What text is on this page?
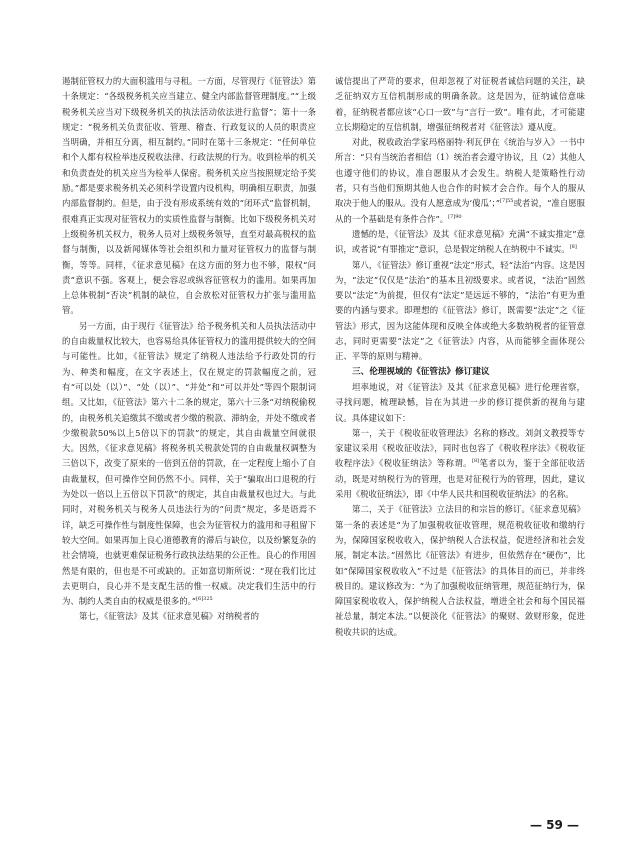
遏制征管权力的大面积滥用与寻租。一方面，尽管现行《征管法》第十条规定：“各级税务机关应当建立、健全内部监督管理制度。”“上级税务机关应当对下级税务机关的执法活动依法进行监督”；第十一条规定：“税务机关负责征收、管理、稽查、行政复议的人员的职责应当明确，并相互分离，相互制约。”同时在第十三条规定：“任何单位和个人都有权检举违反税收法律、行政法规的行为。收到检举的机关和负责查处的机关应当为检举人保密。税务机关应当按照规定给予奖励。”都是要求税务机关必须科学设置内设机构，明确相互职责，加强内部监督制约。但是，由于没有形成系统有效的“闭环式”监督机制，很难真正实现对征管权力的实质性监督与制衡。比如下级税务机关对上级税务机关权力，税务人员对上级税务领导，直至对最高税权的监督与制衡，以及新闻媒体等社会组织和力量对征管权力的监督与制衡，等等。同样，《征求意见稿》在这方面的努力也不够，限权“问责”意识不强。客观上，便会容忍或纵容征管权力的滥用。如果再加上总体税制“否决”机制的缺位，自会放松对征管权力扩张与滥用监管。

另一方面，由于现行《征管法》给予税务机关和人员执法活动中的自由裁量权比较大，也容易给具体征管权力的滥用提供较大的空间与可能性。比如，《征管法》规定了纳税人违法给予行政处罚的行为、种类和幅度，在文字表述上，仅在规定的罚款幅度之前，冠有“可以处（以）”、“处（以）”、“并处”和“可以并处”等四个限制词组。又比如，《征管法》第六十二条的规定，第六十三条“对纳税偷税的，由税务机关追缴其不缴或者少缴的税款、滞纳金，并处不缴或者少缴税款50%以上5倍以下的罚款”的规定，其自由裁量空间就很大。因然，《征求意见稿》将税务机关税款处罚的自由裁量权调整为三倍以下，改变了原来的一倍到五倍的罚款，在一定程度上缩小了自由裁量权，但可操作空间仍然不小。同样，关于“骗取出口退税的行为处以一倍以上五倍以下罚款”的规定，其自由裁量权也过大。与此同时，对税务机关与税务人员违法行为的“问责”规定，多是语焉不详，缺乏可操作性与制度性保障，也会为征管权力的滥用和寻租留下较大空间。如果再加上良心道德教育的滞后与缺位，以及纷繁复杂的社会情境，也就更难保证税务行政执法结果的公正性。良心的作用固然是有限的，但也是不可或缺的。正如富切斯所说：“现在我们比过去更明白，良心并不是支配生活的惟一权威。决定我们生活中的行为、制约人类自由的权威是很多的。”$^{[6]325}$

第七，《征管法》及其《征求意见稿》对纳税者的

诚信提出了严苛的要求，但却忽视了对征税者诚信问题的关注，缺乏征纳双方互信机制形成的明确条款。这是因为，征纳诚信意味着，征纳税者都应该“心口一致”与“言行一致”。唯有此，才可能建立长期稳定的互信机制，增强征纳税者对《征管法》遵从度。

对此，税收政治学家玛格丽特·利瓦伊在《统治与岁入》一书中所言：“只有当统治者相信（1）统治者会遵守协议，且（2）其他人也遵守他们的协议，准自愿服从才会发生。纳税人是策略性行动者，只有当他们预期其他人也合作的时候才会合作。每个人的服从取决于他人的服从。没有人愿意成为‘傻瓜’；”$^{[7]55}$或者说，“准自愿服从的一个基础是有条件合作”。$^{[7]90}$

遗憾的是，《征管法》及其《征求意见稿》充满“不诚实推定”意识，或者说“有罪推定”意识，总是假定纳税人在纳税中不诚实。[8]

第八，《征管法》修订重视“法定”形式，轻“法治”内容。这是因为，“法定”仅仅是“法治”的基本且初级要求。或者说，“法治”固然要以“法定”为前提，但仅有“法定”是远远不够的，“法治”有更为重要的内涵与要求。即理想的《征管法》修订，既需要“法定”之《征管法》形式，因为这能体现和反映全体或绝大多数纳税者的征管意志，同时更需要“法定”之《征管法》内容，从而能够全面体现公正、平等的原则与精神。

三、伦理视域的《征管法》修订建议

坦率地说，对《征管法》及其《征求意见稿》进行伦理省察，寻找问题，梳理缺憾，旨在为其进一步的修订提供新的视角与建议。具体建议如下：

第一，关于《税收征收管理法》名称的修改。刘剑文教授等专家建议采用《税收征收法》，同时也包容了《税收程序法》《税收征收程序法》《税收征纳法》等称谓。[8]笔者以为，鉴于全部征收活动，既是对纳税行为的管理，也是对征税行为的管理，因此，建议采用《税收征纳法》，即《中华人民共和国税收征纳法》的名称。

第二，关于《征管法》立法目的和宗旨的修订。《征求意见稿》第一条的表述是“为了加强税收征收管理，规范税收征收和缴纳行为，保障国家税收收入，保护纳税人合法权益，促进经济和社会发展，制定本法。”固然比《征管法》有进步，但依然存在“硬伤”，比如“保障国家税收收入”不过是《征管法》的具体目的而已，并非终极目的。建议修改为：“为了加强税收征纳管理，规范征纳行为，保障国家税收收入，保护纳税人合法权益，增进全社会和每个国民福祉总量，制定本法。”以便淡化《征管法》的聚财、敛财形象，促进税收共识的达成。

— 59 —
